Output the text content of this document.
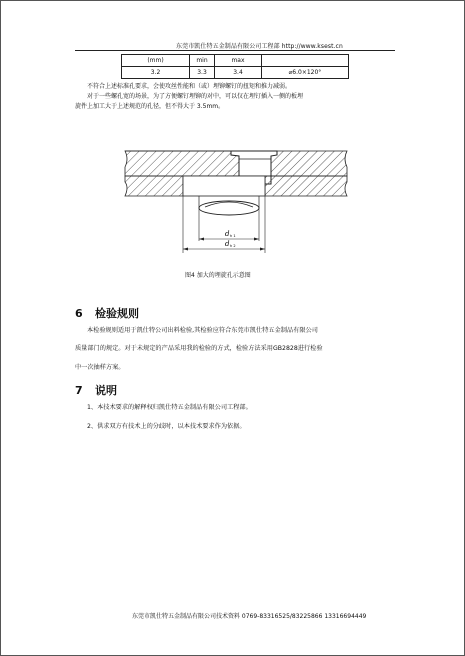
东莞市凯仕特五金制品有限公司工程部 http://www.ksest.cn
(mm)	min	max	
3.2	3.3	3.4	⌀6.0×120°
不符合上述标准孔要求，会使攻丝性能和（或）埋铆螺钉的扭矩和推力减弱。
对于一些螺孔宽的场景，为了方便螺钉埋铆的对中，可以仅在埋钉插入一侧的板埋
旋件上加工大于上述规范的孔径，但不得大于 3.5mm。
d h 1
d h 2
图4 加大的埋旋孔示意图
6 检验规则
本检验规则适用于凯仕特公司出料检验,其检验应符合东莞市凯仕特五金制品有限公司
质量部门的规定。对于未规定的产品采用我的检验的方式，检验方法采用GB2828进行检验
中一次抽样方案。
7 说明
1、本技术要求的解释权归凯仕特五金制品有限公司工程部。
2、供求双方有技术上的分歧时，以本技术要求作为依据。
东莞市凯仕特五金制品有限公司技术资料 0769-83316525/83225866 13316694449
